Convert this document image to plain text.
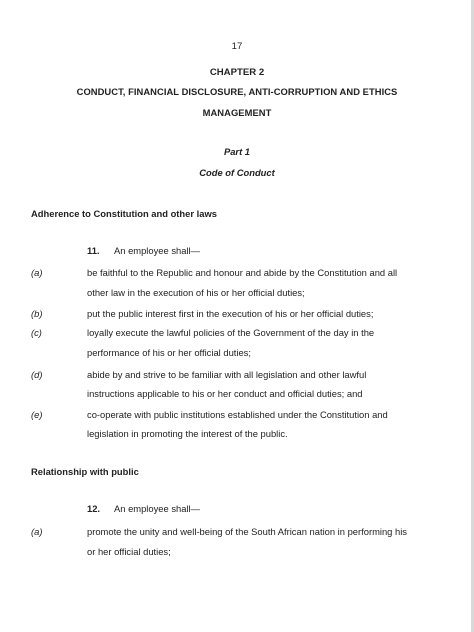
17
CHAPTER 2
CONDUCT, FINANCIAL DISCLOSURE, ANTI-CORRUPTION AND ETHICS
MANAGEMENT
Part 1
Code of Conduct
Adherence to Constitution and other laws
11. An employee shall—
(a)	be faithful to the Republic and honour and abide by the Constitution and all
other law in the execution of his or her official duties;
(b)	put the public interest first in the execution of his or her official duties;
(c)	loyally execute the lawful policies of the Government of the day in the
performance of his or her official duties;
(d)	abide by and strive to be familiar with all legislation and other lawful
instructions applicable to his or her conduct and official duties; and
(e)	co-operate with public institutions established under the Constitution and
legislation in promoting the interest of the public.
Relationship with public
12. An employee shall—
(a)	promote the unity and well-being of the South African nation in performing his
or her official duties;
